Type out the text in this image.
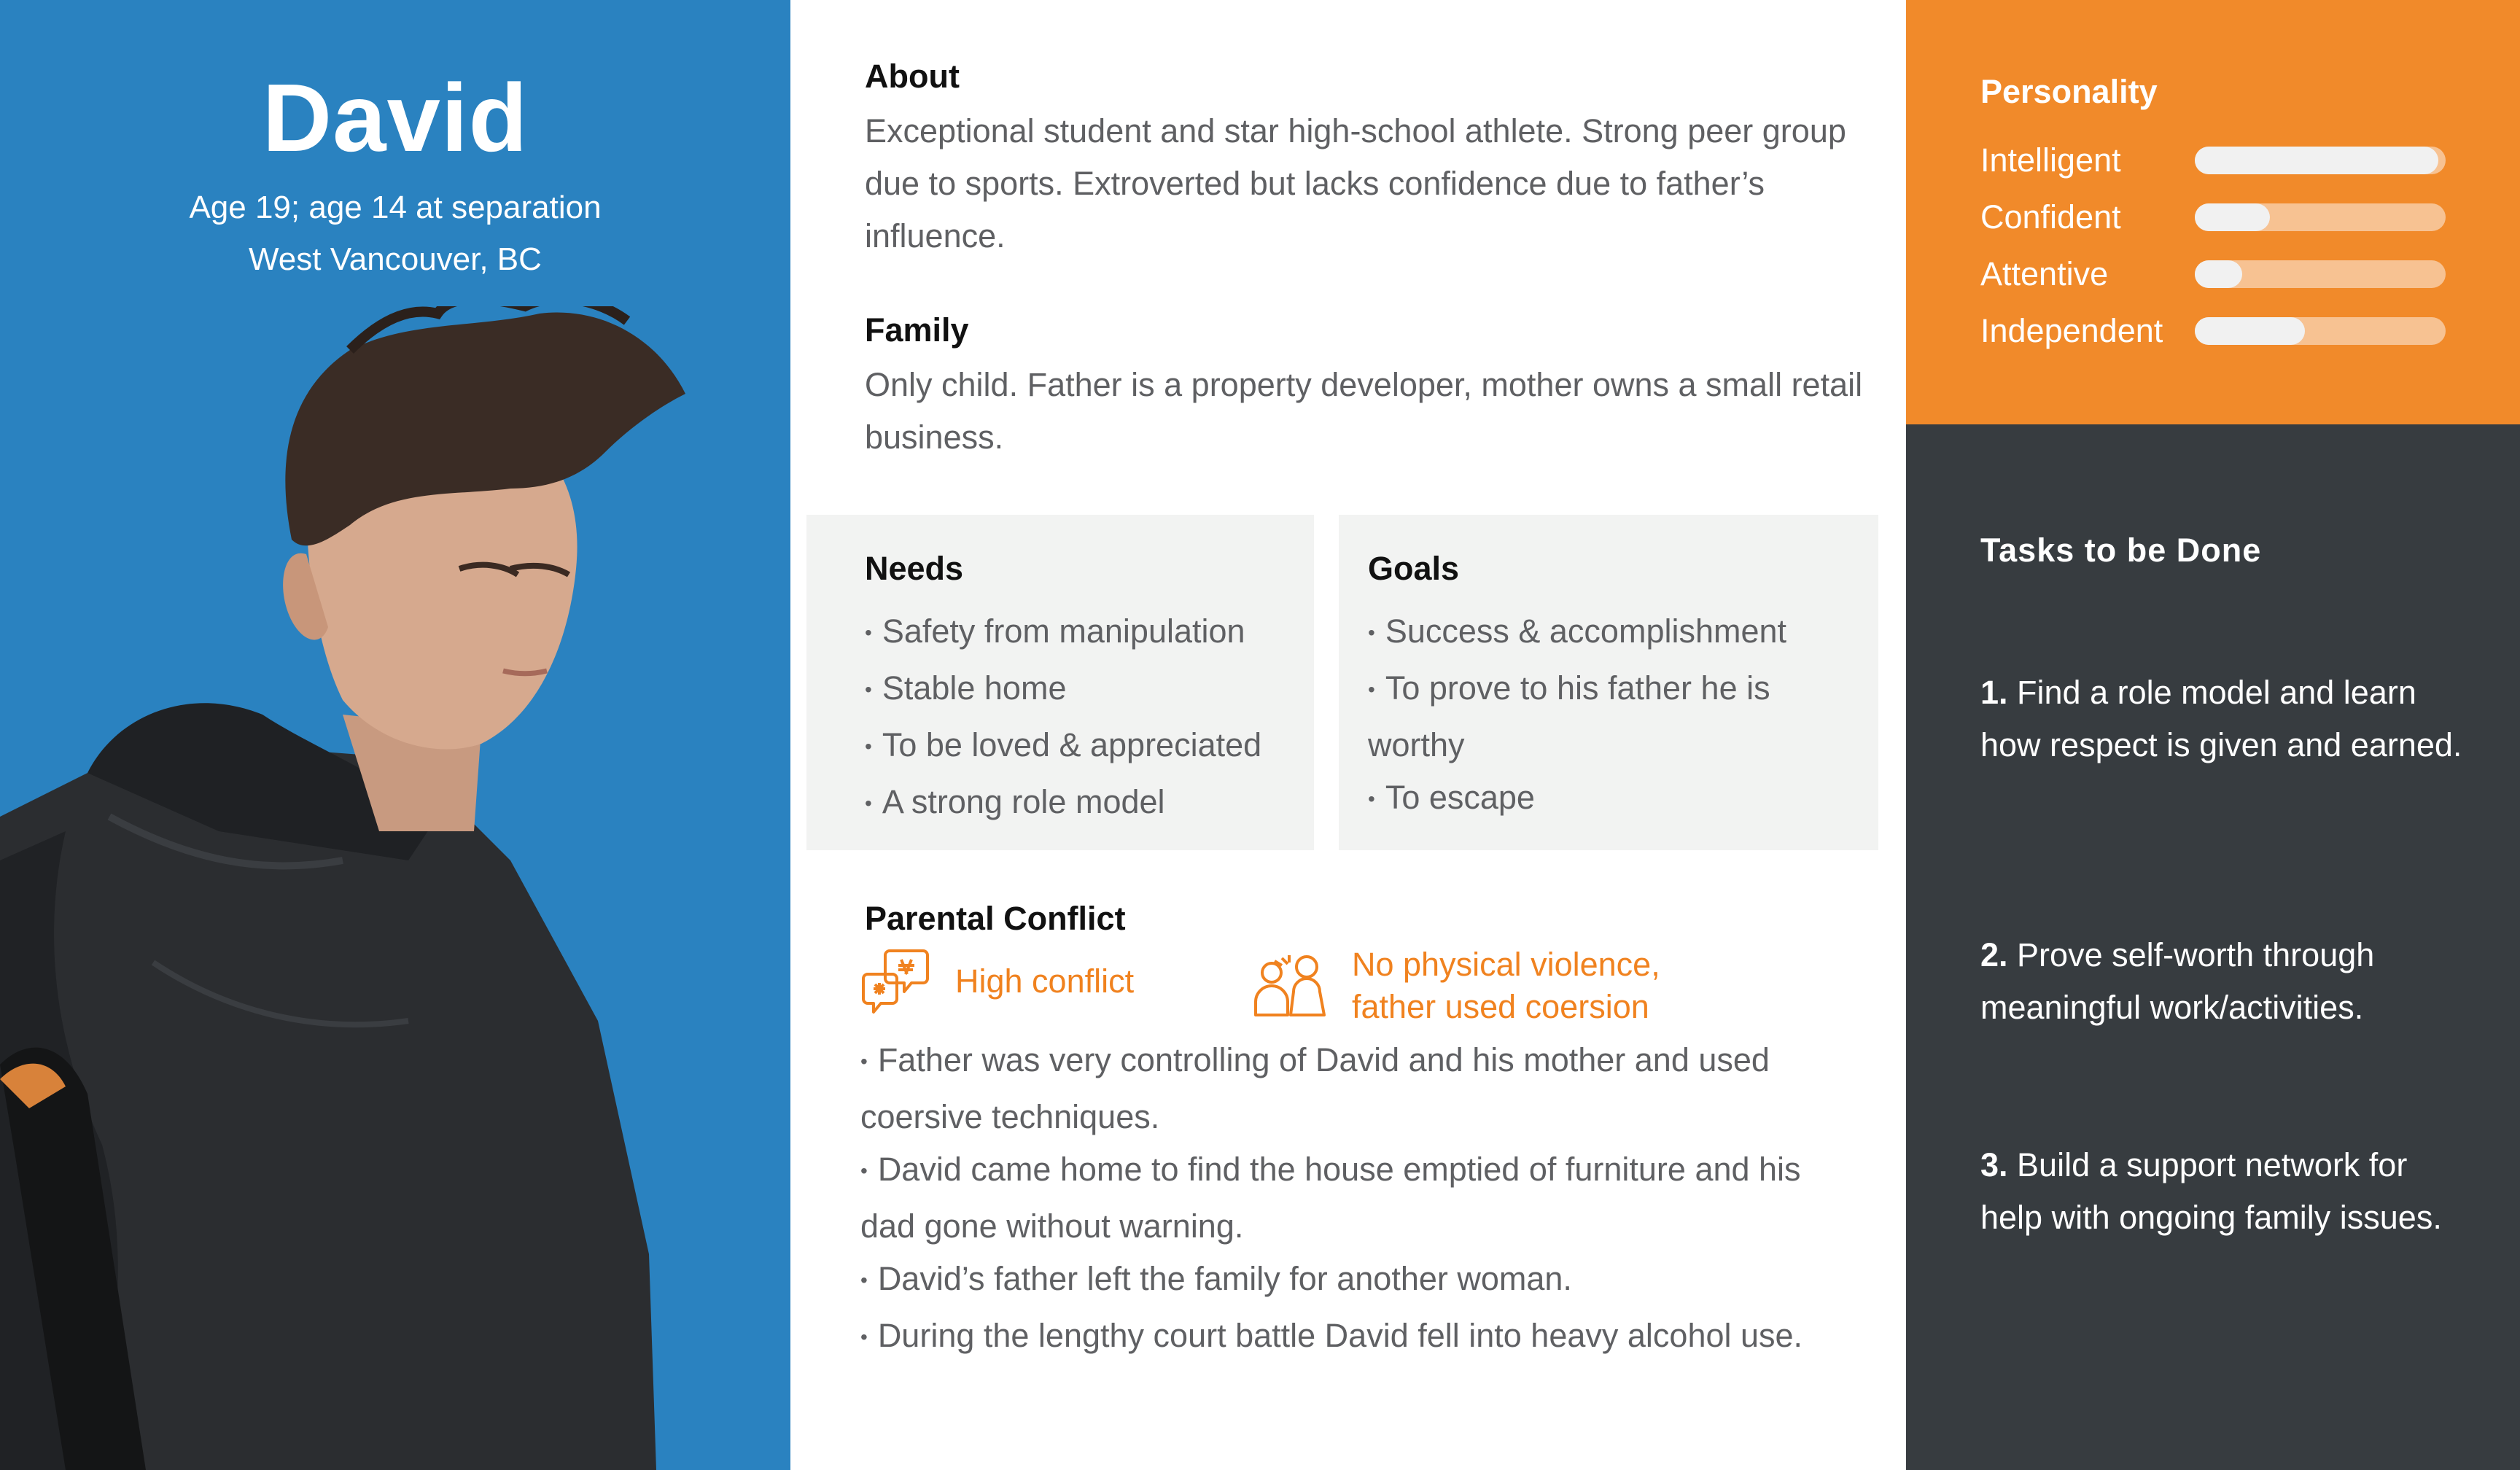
David
Age 19; age 14 at separation
West Vancouver, BC
About
Exceptional student and star high-school athlete. Strong peer group due to sports. Extroverted but lacks confidence due to father’s influence.
Family
Only child. Father is a property developer, mother owns a small retail business.
Needs
• Safety from manipulation
• Stable home
• To be loved & appreciated
• A strong role model
Goals
• Success & accomplishment
• To prove to his father he is worthy
• To escape
Parental Conflict
High conflict	No physical violence,
father used coersion
• Father was very controlling of David and his mother and used coersive techniques.
• David came home to find the house emptied of furniture and his dad gone without warning.
• David’s father left the family for another woman.
• During the lengthy court battle David fell into heavy alcohol use.
Personality
Intelligent
Confident
Attentive
Independent
Tasks to be Done
1. Find a role model and learn how respect is given and earned.
2. Prove self-worth through meaningful work/activities.
3. Build a support network for help with ongoing family issues.
